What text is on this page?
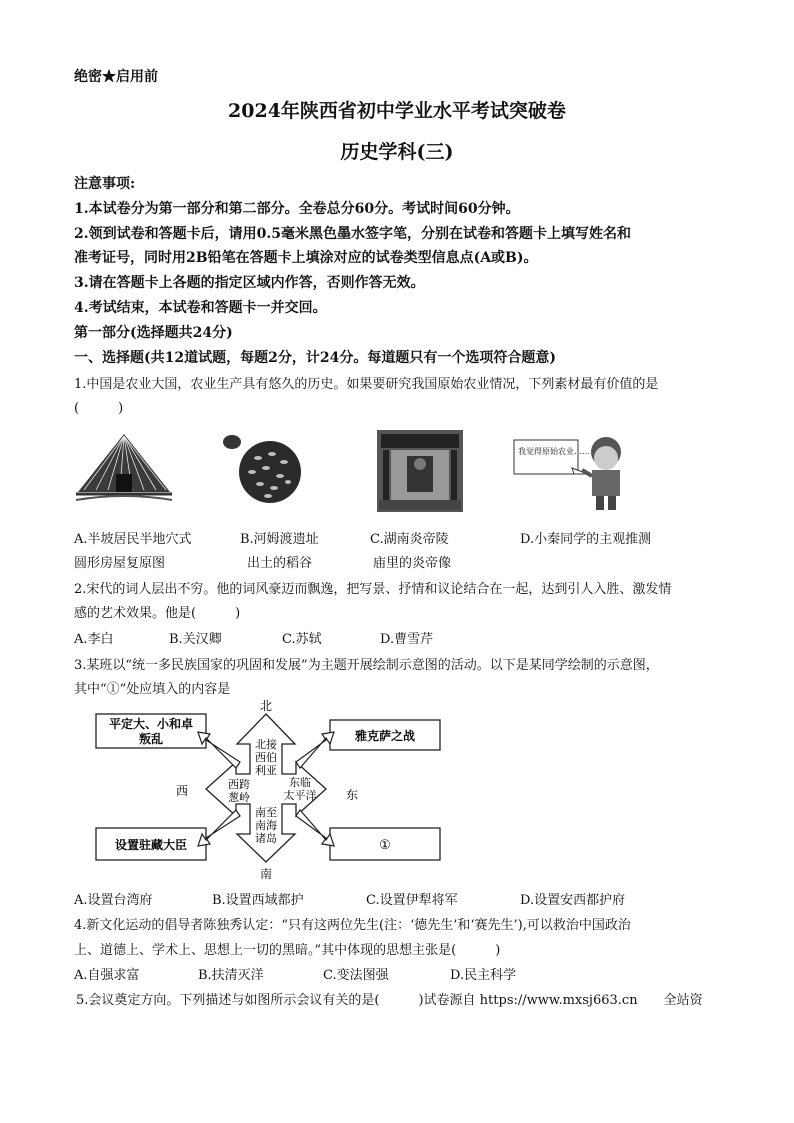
绝密★启用前
2024年陕西省初中学业水平考试突破卷
历史学科(三)
注意事项:
1.本试卷分为第一部分和第二部分。全卷总分60分。考试时间60分钟。
2.领到试卷和答题卡后，请用0.5毫米黑色墨水签字笔，分别在试卷和答题卡上填写姓名和
准考证号，同时用2B铅笔在答题卡上填涂对应的试卷类型信息点(A或B)。
3.请在答题卡上各题的指定区域内作答，否则作答无效。
4.考试结束，本试卷和答题卡一并交回。
第一部分(选择题共24分)
一、选择题(共12道试题，每题2分，计24分。每道题只有一个选项符合题意)
1.中国是农业大国，农业生产具有悠久的历史。如果要研究我国原始农业情况，下列素材最有价值的是
(　　　)
我觉得原始农业……
A.半坡居民半地穴式
圆形房屋复原图
B.河姆渡遗址
出土的稻谷
C.湖南炎帝陵
庙里的炎帝像
D.小秦同学的主观推测
2.宋代的词人层出不穷。他的词风豪迈而飘逸，把写景、抒情和议论结合在一起，达到引人入胜、激发情
感的艺术效果。他是(　　　)
A.李白	B.关汉卿	C.苏轼	D.曹雪芹
3.某班以“统一多民族国家的巩固和发展”为主题开展绘制示意图的活动。以下是某同学绘制的示意图，
其中“①”处应填入的内容是
平定大、小和卓
叛乱	雅克萨之战
设置驻藏大臣	①
北
南
西	东
北接
西伯
利亚
西跨
葱岭
东临
太平洋
南至
南海
诸岛
A.设置台湾府	B.设置西域都护	C.设置伊犁将军	D.设置安西都护府
4.新文化运动的倡导者陈独秀认定：“只有这两位先生(注：‘德先生’和‘赛先生’),可以救治中国政治
上、道德上、学术上、思想上一切的黑暗。”其中体现的思想主张是(　　　)
A.自强求富	B.扶清灭洋	C.变法图强	D.民主科学
5.会议奠定方向。下列描述与如图所示会议有关的是(　　　)试卷源自 https://www.mxsj663.cn　　全站资
